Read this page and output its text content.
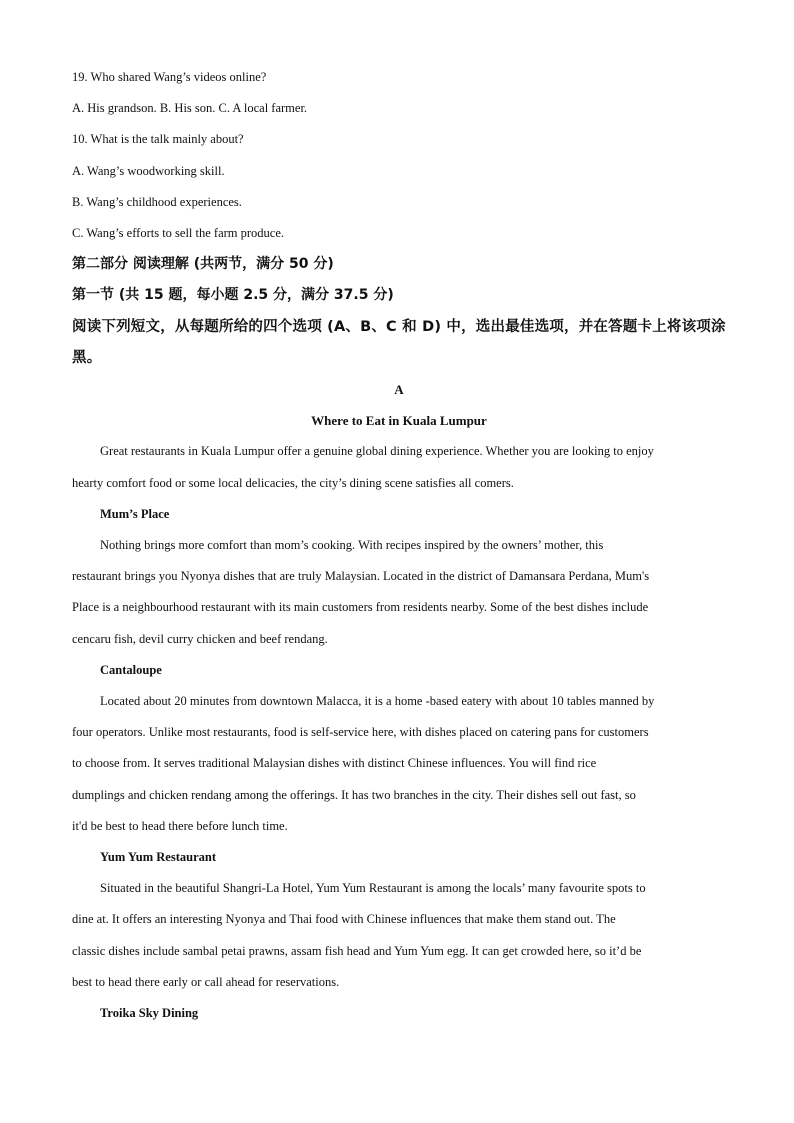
19. Who shared Wang’s videos online?
A. His grandson. B. His son. C. A local farmer.
10. What is the talk mainly about?
A. Wang’s woodworking skill.
B. Wang’s childhood experiences.
C. Wang’s efforts to sell the farm produce.
第二部分 阅读理解 (共两节，满分 50 分)
第一节 (共 15 题，每小题 2.5 分，满分 37.5 分)
阅读下列短文，从每题所给的四个选项 (A、B、C 和 D) 中，选出最佳选项，并在答题卡上将该项涂黑。
A
Where to Eat in Kuala Lumpur
Great restaurants in Kuala Lumpur offer a genuine global dining experience. Whether you are looking to enjoy
hearty comfort food or some local delicacies, the city’s dining scene satisfies all comers.
Mum’s Place
Nothing brings more comfort than mom’s cooking. With recipes inspired by the owners’ mother, this
restaurant brings you Nyonya dishes that are truly Malaysian. Located in the district of Damansara Perdana, Mum's
Place is a neighbourhood restaurant with its main customers from residents nearby. Some of the best dishes include
cencaru fish, devil curry chicken and beef rendang.
Cantaloupe
Located about 20 minutes from downtown Malacca, it is a home -based eatery with about 10 tables manned by
four operators. Unlike most restaurants, food is self-service here, with dishes placed on catering pans for customers
to choose from. It serves traditional Malaysian dishes with distinct Chinese influences. You will find rice
dumplings and chicken rendang among the offerings. It has two branches in the city. Their dishes sell out fast, so
it'd be best to head there before lunch time.
Yum Yum Restaurant
Situated in the beautiful Shangri-La Hotel, Yum Yum Restaurant is among the locals’ many favourite spots to
dine at. It offers an interesting Nyonya and Thai food with Chinese influences that make them stand out. The
classic dishes include sambal petai prawns, assam fish head and Yum Yum egg. It can get crowded here, so it’d be
best to head there early or call ahead for reservations.
Troika Sky Dining
